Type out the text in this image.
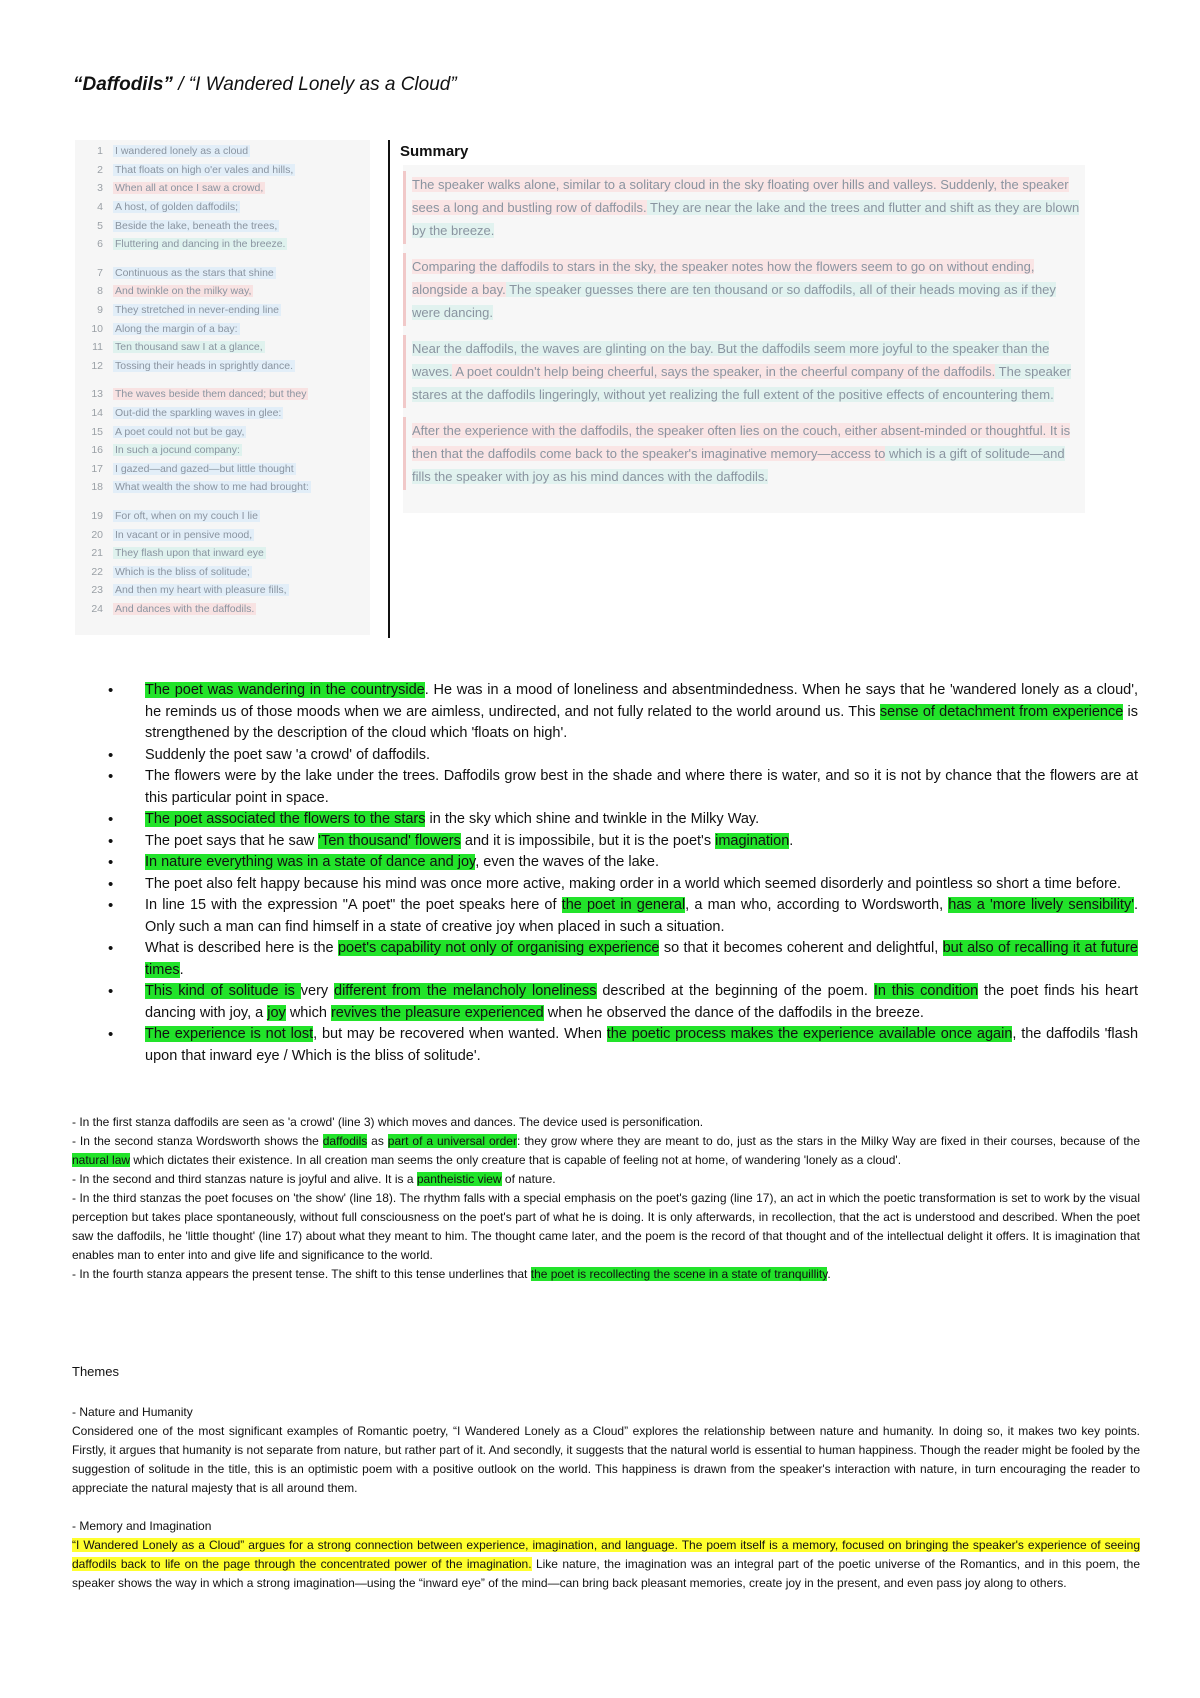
“Daffodils” / “I Wandered Lonely as a Cloud”
1	I wandered lonely as a cloud
2	That floats on high o'er vales and hills,
3	When all at once I saw a crowd,
4	A host, of golden daffodils;
5	Beside the lake, beneath the trees,
6	Fluttering and dancing in the breeze.
7	Continuous as the stars that shine
8	And twinkle on the milky way,
9	They stretched in never-ending line
10	Along the margin of a bay:
11	Ten thousand saw I at a glance,
12	Tossing their heads in sprightly dance.
13	The waves beside them danced; but they
14	Out-did the sparkling waves in glee:
15	A poet could not but be gay,
16	In such a jocund company:
17	I gazed—and gazed—but little thought
18	What wealth the show to me had brought:
19	For oft, when on my couch I lie
20	In vacant or in pensive mood,
21	They flash upon that inward eye
22	Which is the bliss of solitude;
23	And then my heart with pleasure fills,
24	And dances with the daffodils.
Summary
The speaker walks alone, similar to a solitary cloud in the sky floating over hills and valleys. Suddenly, the speaker sees a long and bustling row of daffodils. They are near the lake and the trees and flutter and shift as they are blown by the breeze.
Comparing the daffodils to stars in the sky, the speaker notes how the flowers seem to go on without ending, alongside a bay. The speaker guesses there are ten thousand or so daffodils, all of their heads moving as if they were dancing.
Near the daffodils, the waves are glinting on the bay. But the daffodils seem more joyful to the speaker than the waves. A poet couldn't help being cheerful, says the speaker, in the cheerful company of the daffodils. The speaker stares at the daffodils lingeringly, without yet realizing the full extent of the positive effects of encountering them.
After the experience with the daffodils, the speaker often lies on the couch, either absent-minded or thoughtful. It is then that the daffodils come back to the speaker's imaginative memory—access to which is a gift of solitude—and fills the speaker with joy as his mind dances with the daffodils.
• The poet was wandering in the countryside. He was in a mood of loneliness and absentmindedness. When he says that he 'wandered lonely as a cloud', he reminds us of those moods when we are aimless, undirected, and not fully related to the world around us. This sense of detachment from experience is strengthened by the description of the cloud which 'floats on high'.
• Suddenly the poet saw 'a crowd' of daffodils.
• The flowers were by the lake under the trees. Daffodils grow best in the shade and where there is water, and so it is not by chance that the flowers are at this particular point in space.
• The poet associated the flowers to the stars in the sky which shine and twinkle in the Milky Way.
• The poet says that he saw 'Ten thousand' flowers and it is impossibile, but it is the poet's imagination.
• In nature everything was in a state of dance and joy, even the waves of the lake.
• The poet also felt happy because his mind was once more active, making order in a world which seemed disorderly and pointless so short a time before.
• In line 15 with the expression "A poet" the poet speaks here of the poet in general, a man who, according to Wordsworth, has a 'more lively sensibility'. Only such a man can find himself in a state of creative joy when placed in such a situation.
• What is described here is the poet's capability not only of organising experience so that it becomes coherent and delightful, but also of recalling it at future times.
• This kind of solitude is very different from the melancholy loneliness described at the beginning of the poem. In this condition the poet finds his heart dancing with joy, a joy which revives the pleasure experienced when he observed the dance of the daffodils in the breeze.
• The experience is not lost, but may be recovered when wanted. When the poetic process makes the experience available once again, the daffodils 'flash upon that inward eye / Which is the bliss of solitude'.

- In the first stanza daffodils are seen as 'a crowd' (line 3) which moves and dances. The device used is personification.

- In the second stanza Wordsworth shows the daffodils as part of a universal order: they grow where they are meant to do, just as the stars in the Milky Way are fixed in their courses, because of the natural law which dictates their existence. In all creation man seems the only creature that is capable of feeling not at home, of wandering 'lonely as a cloud'.

- In the second and third stanzas nature is joyful and alive. It is a pantheistic view of nature.

- In the third stanzas the poet focuses on 'the show' (line 18). The rhythm falls with a special emphasis on the poet's gazing (line 17), an act in which the poetic transformation is set to work by the visual perception but takes place spontaneously, without full consciousness on the poet's part of what he is doing. It is only afterwards, in recollection, that the act is understood and described. When the poet saw the daffodils, he 'little thought' (line 17) about what they meant to him. The thought came later, and the poem is the record of that thought and of the intellectual delight it offers. It is imagination that enables man to enter into and give life and significance to the world.

- In the fourth stanza appears the present tense. The shift to this tense underlines that the poet is recollecting the scene in a state of tranquillity.

Themes

- Nature and Humanity

Considered one of the most significant examples of Romantic poetry, “I Wandered Lonely as a Cloud” explores the relationship between nature and humanity. In doing so, it makes two key points. Firstly, it argues that humanity is not separate from nature, but rather part of it. And secondly, it suggests that the natural world is essential to human happiness. Though the reader might be fooled by the suggestion of solitude in the title, this is an optimistic poem with a positive outlook on the world. This happiness is drawn from the speaker's interaction with nature, in turn encouraging the reader to appreciate the natural majesty that is all around them.

- Memory and Imagination

“I Wandered Lonely as a Cloud” argues for a strong connection between experience, imagination, and language. The poem itself is a memory, focused on bringing the speaker's experience of seeing daffodils back to life on the page through the concentrated power of the imagination. Like nature, the imagination was an integral part of the poetic universe of the Romantics, and in this poem, the speaker shows the way in which a strong imagination—using the “inward eye” of the mind—can bring back pleasant memories, create joy in the present, and even pass joy along to others.
